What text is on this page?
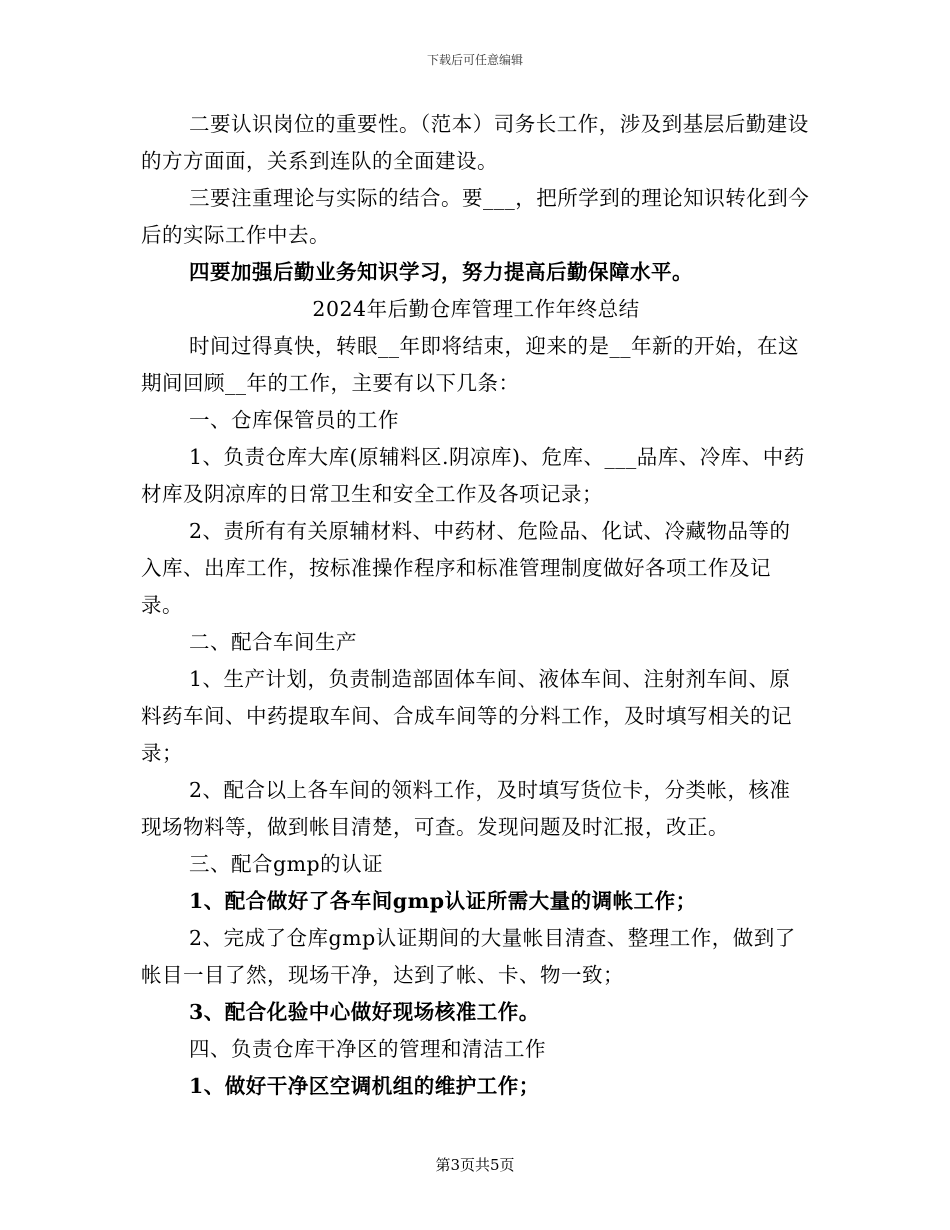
下载后可任意编辑

二要认识岗位的重要性。（范本）司务长工作，涉及到基层后勤建设的方方面面，关系到连队的全面建设。

三要注重理论与实际的结合。要___，把所学到的理论知识转化到今后的实际工作中去。

四要加强后勤业务知识学习，努力提高后勤保障水平。

2024年后勤仓库管理工作年终总结

时间过得真快，转眼__年即将结束，迎来的是__年新的开始，在这期间回顾__年的工作，主要有以下几条：

一、仓库保管员的工作

1、负责仓库大库(原辅料区.阴凉库)、危库、___品库、冷库、中药材库及阴凉库的日常卫生和安全工作及各项记录；

2、责所有有关原辅材料、中药材、危险品、化试、冷藏物品等的入库、出库工作，按标准操作程序和标准管理制度做好各项工作及记录。

二、配合车间生产

1、生产计划，负责制造部固体车间、液体车间、注射剂车间、原料药车间、中药提取车间、合成车间等的分料工作，及时填写相关的记录；

2、配合以上各车间的领料工作，及时填写货位卡，分类帐，核准现场物料等，做到帐目清楚，可查。发现问题及时汇报，改正。

三、配合gmp的认证

1、配合做好了各车间gmp认证所需大量的调帐工作；

2、完成了仓库gmp认证期间的大量帐目清查、整理工作，做到了帐目一目了然，现场干净，达到了帐、卡、物一致；

3、配合化验中心做好现场核准工作。

四、负责仓库干净区的管理和清洁工作

1、做好干净区空调机组的维护工作；

第3页共5页
